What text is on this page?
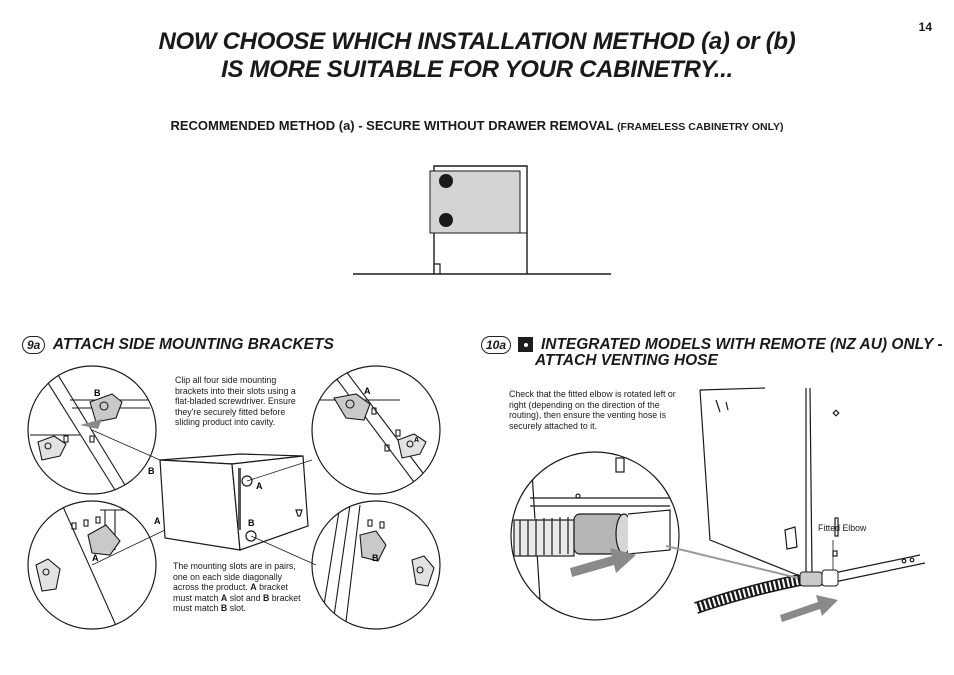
14
NOW CHOOSE WHICH INSTALLATION METHOD (a) or (b)
IS MORE SUITABLE FOR YOUR CABINETRY...
RECOMMENDED METHOD (a) - SECURE WITHOUT DRAWER REMOVAL (FRAMELESS CABINETRY ONLY)
9a ATTACH SIDE MOUNTING BRACKETS
Clip all four side mounting brackets into their slots using a flat-bladed screwdriver. Ensure they're securely fitted before sliding product into cavity.
The mounting slots are in pairs, one on each side diagonally across the product. A bracket must match A slot and B bracket must match B slot.
B	A
A
A	B
B
A
A	B
10a INTEGRATED MODELS WITH REMOTE (NZ AU) ONLY -
ATTACH VENTING HOSE
Check that the fitted elbow is rotated left or right (depending on the direction of the routing), then ensure the venting hose is securely attached to it.
Fitted Elbow
